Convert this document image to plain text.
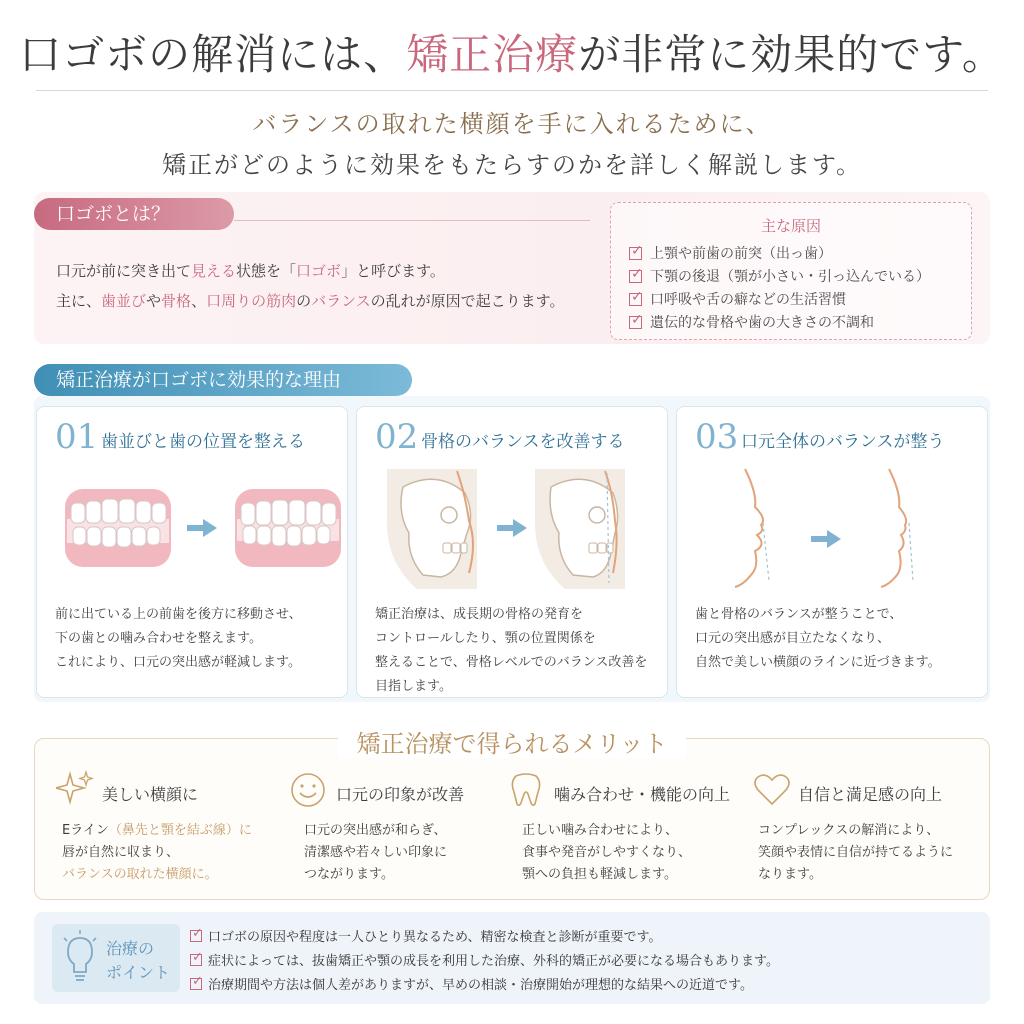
口ゴボの解消には、矯正治療が非常に効果的です。
バランスの取れた横顔を手に入れるために、
矯正がどのように効果をもたらすのかを詳しく解説します。
口ゴボとは？
口元が前に突き出て見える状態を「口ゴボ」と呼びます。
主に、歯並びや骨格、口周りの筋肉のバランスの乱れが原因で起こります。
主な原因
✓上顎や前歯の前突（出っ歯）
✓下顎の後退（顎が小さい・引っ込んでいる）
✓口呼吸や舌の癖などの生活習慣
✓遺伝的な骨格や歯の大きさの不調和
矯正治療が口ゴボに効果的な理由
01 歯並びと歯の位置を整える
前に出ている上の前歯を後方に移動させ、
下の歯との噛み合わせを整えます。
これにより、口元の突出感が軽減します。
02 骨格のバランスを改善する
矯正治療は、成長期の骨格の発育を
コントロールしたり、顎の位置関係を
整えることで、骨格レベルでのバランス改善を
目指します。
03 口元全体のバランスが整う
歯と骨格のバランスが整うことで、
口元の突出感が目立たなくなり、
自然で美しい横顔のラインに近づきます。
矯正治療で得られるメリット
美しい横顔に
Eライン（鼻先と顎を結ぶ線）に
唇が自然に収まり、
バランスの取れた横顔に。
口元の印象が改善
口元の突出感が和らぎ、
清潔感や若々しい印象に
つながります。
噛み合わせ・機能の向上
正しい噛み合わせにより、
食事や発音がしやすくなり、
顎への負担も軽減します。
自信と満足感の向上
コンプレックスの解消により、
笑顔や表情に自信が持てるように
なります。
治療の
ポイント
✓口ゴボの原因や程度は一人ひとり異なるため、精密な検査と診断が重要です。
✓症状によっては、抜歯矯正や顎の成長を利用した治療、外科的矯正が必要になる場合もあります。
✓治療期間や方法は個人差がありますが、早めの相談・治療開始が理想的な結果への近道です。
